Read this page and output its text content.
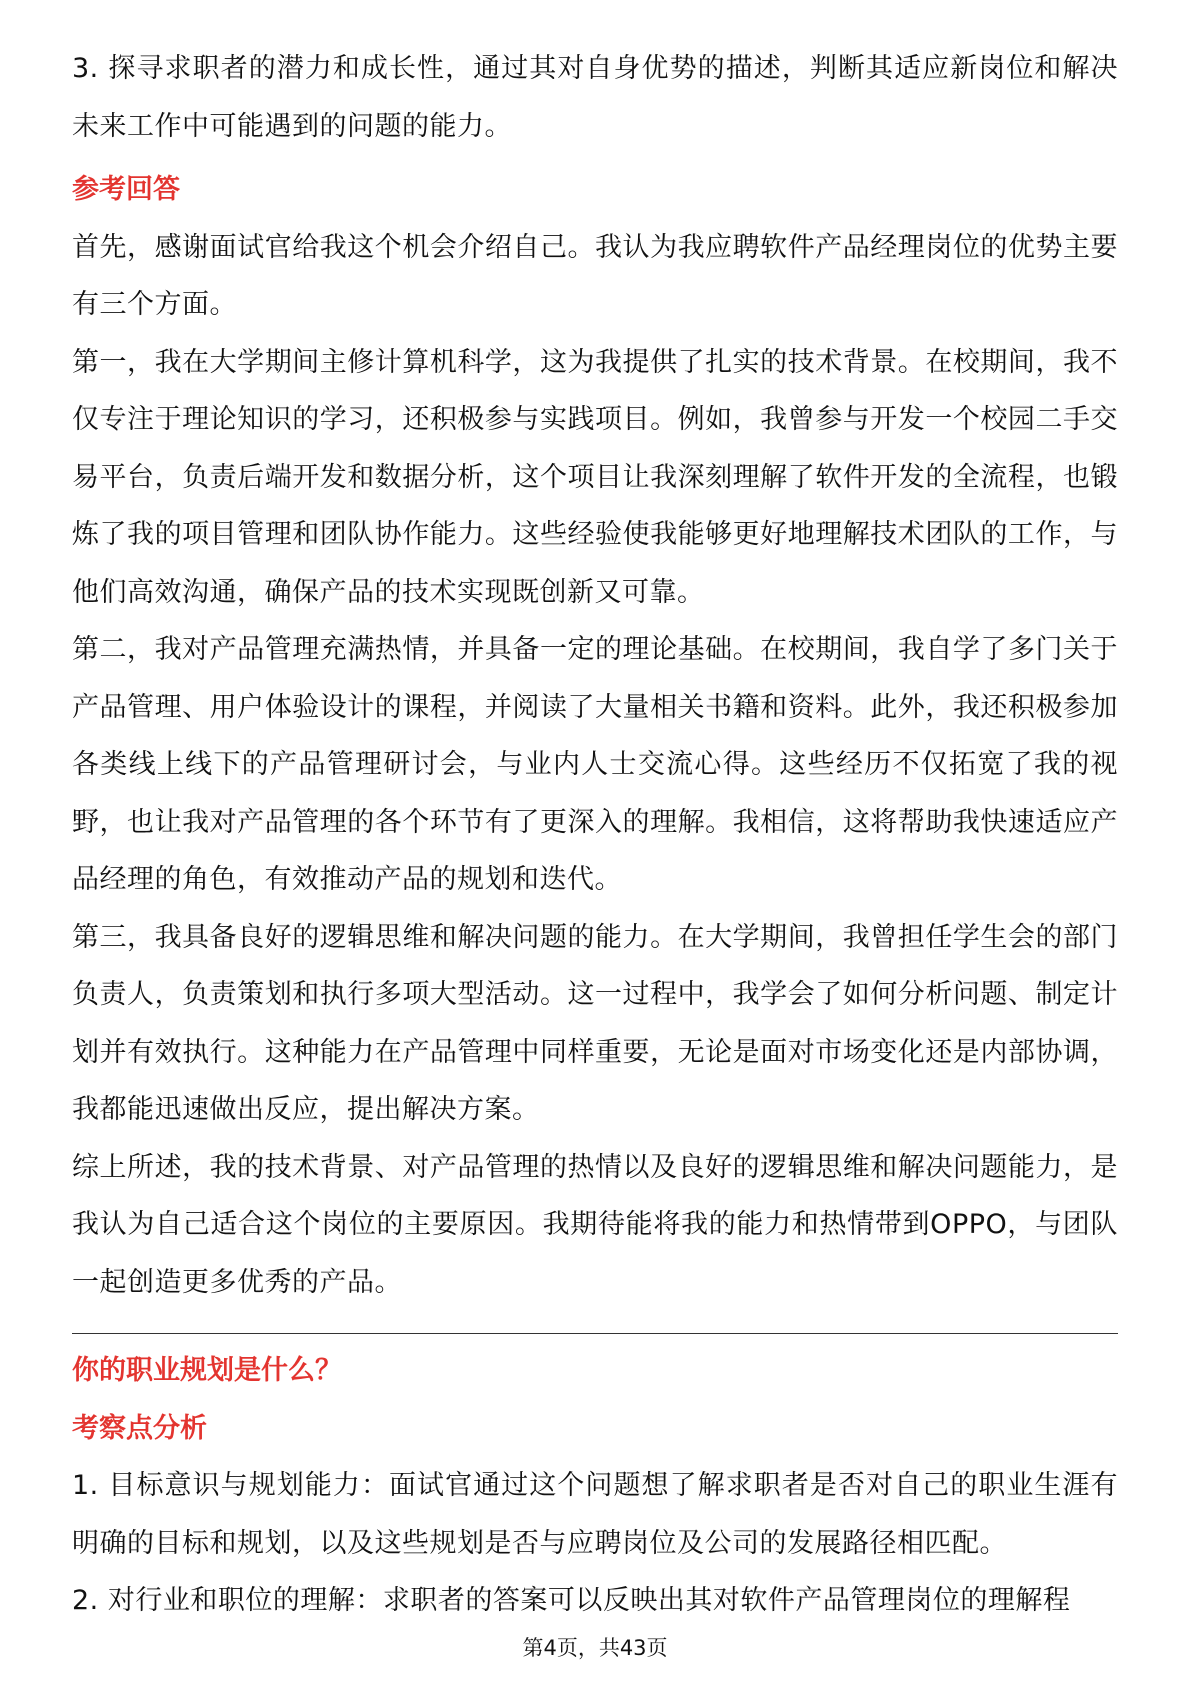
3. 探寻求职者的潜力和成长性，通过其对自身优势的描述，判断其适应新岗位和解决未来工作中可能遇到的问题的能力。

参考回答

首先，感谢面试官给我这个机会介绍自己。我认为我应聘软件产品经理岗位的优势主要有三个方面。

第一，我在大学期间主修计算机科学，这为我提供了扎实的技术背景。在校期间，我不仅专注于理论知识的学习，还积极参与实践项目。例如，我曾参与开发一个校园二手交易平台，负责后端开发和数据分析，这个项目让我深刻理解了软件开发的全流程，也锻炼了我的项目管理和团队协作能力。这些经验使我能够更好地理解技术团队的工作，与他们高效沟通，确保产品的技术实现既创新又可靠。

第二，我对产品管理充满热情，并具备一定的理论基础。在校期间，我自学了多门关于产品管理、用户体验设计的课程，并阅读了大量相关书籍和资料。此外，我还积极参加各类线上线下的产品管理研讨会，与业内人士交流心得。这些经历不仅拓宽了我的视野，也让我对产品管理的各个环节有了更深入的理解。我相信，这将帮助我快速适应产品经理的角色，有效推动产品的规划和迭代。

第三，我具备良好的逻辑思维和解决问题的能力。在大学期间，我曾担任学生会的部门负责人，负责策划和执行多项大型活动。这一过程中，我学会了如何分析问题、制定计划并有效执行。这种能力在产品管理中同样重要，无论是面对市场变化还是内部协调，我都能迅速做出反应，提出解决方案。

综上所述，我的技术背景、对产品管理的热情以及良好的逻辑思维和解决问题能力，是我认为自己适合这个岗位的主要原因。我期待能将我的能力和热情带到OPPO，与团队一起创造更多优秀的产品。

你的职业规划是什么？

考察点分析

1. 目标意识与规划能力：面试官通过这个问题想了解求职者是否对自己的职业生涯有明确的目标和规划，以及这些规划是否与应聘岗位及公司的发展路径相匹配。

2. 对行业和职位的理解：求职者的答案可以反映出其对软件产品管理岗位的理解程

第4页，共43页
